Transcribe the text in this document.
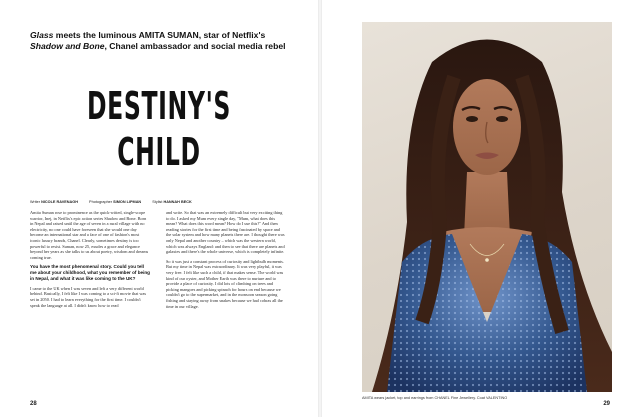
Glass meets the luminous AMITA SUMAN, star of Netflix's Shadow and Bone, Chanel ambassador and social media rebel
DESTINY'S
CHILD
Writer NICOLE RAVENAGH	Photographer SIMON LIPMAN	Stylist HANNAH BECK

Amita Suman rose to prominence as the quick-witted, single-scope warrior, Inej, in Netflix's epic action series Shadow and Bone. Born in Nepal and raised until the age of seven in a rural village with no electricity, no one could have foreseen that she would one day become an international star and a face of one of fashion's most iconic luxury brands, Chanel. Clearly, sometimes destiny is too powerful to resist. Suman, now 25, exudes a grace and elegance beyond her years as she talks to us about poetry, wisdom and dreams coming true.

You have the most phenomenal story. Could you tell me about your childhood, what you remember of being in Nepal, and what it was like coming to the UK?

I came to the UK when I was seven and left a very different world behind. Basically, I felt like I was coming to a sci-fi movie that was set in 2050. I had to learn everything for the first time. I couldn't speak the language at all. I didn't know how to read

and write. So that was an extremely difficult but very exciting thing to do. I asked my Mum every single day, "Mum, what does this mean? What does this word mean? How do I use this?" And then reading stories for the first time and being fascinated by space and the solar system and how many planets there are. I thought there was only Nepal and another country – which was the western world, which was always England: and then to see that there are planets and galaxies and there's the whole universe, which is completely infinite.

So it was just a constant process of curiosity and lightbulb moments. But my time in Nepal was extraordinary. It was very playful, it was very free. I felt like such a child, if that makes sense. The world was kind of our oyster, and Mother Earth was there to nurture and to provide a place of curiosity. I did lots of climbing on trees and picking mangoes and picking spinach for hours on end because we couldn't go to the supermarket, and in the monsoon season going fishing and staying away from snakes because we had cobras all the time in our village.

28
AMITA wears jacket, top and earrings from CHANEL Fine Jewellery. Coat VALENTINO
29
